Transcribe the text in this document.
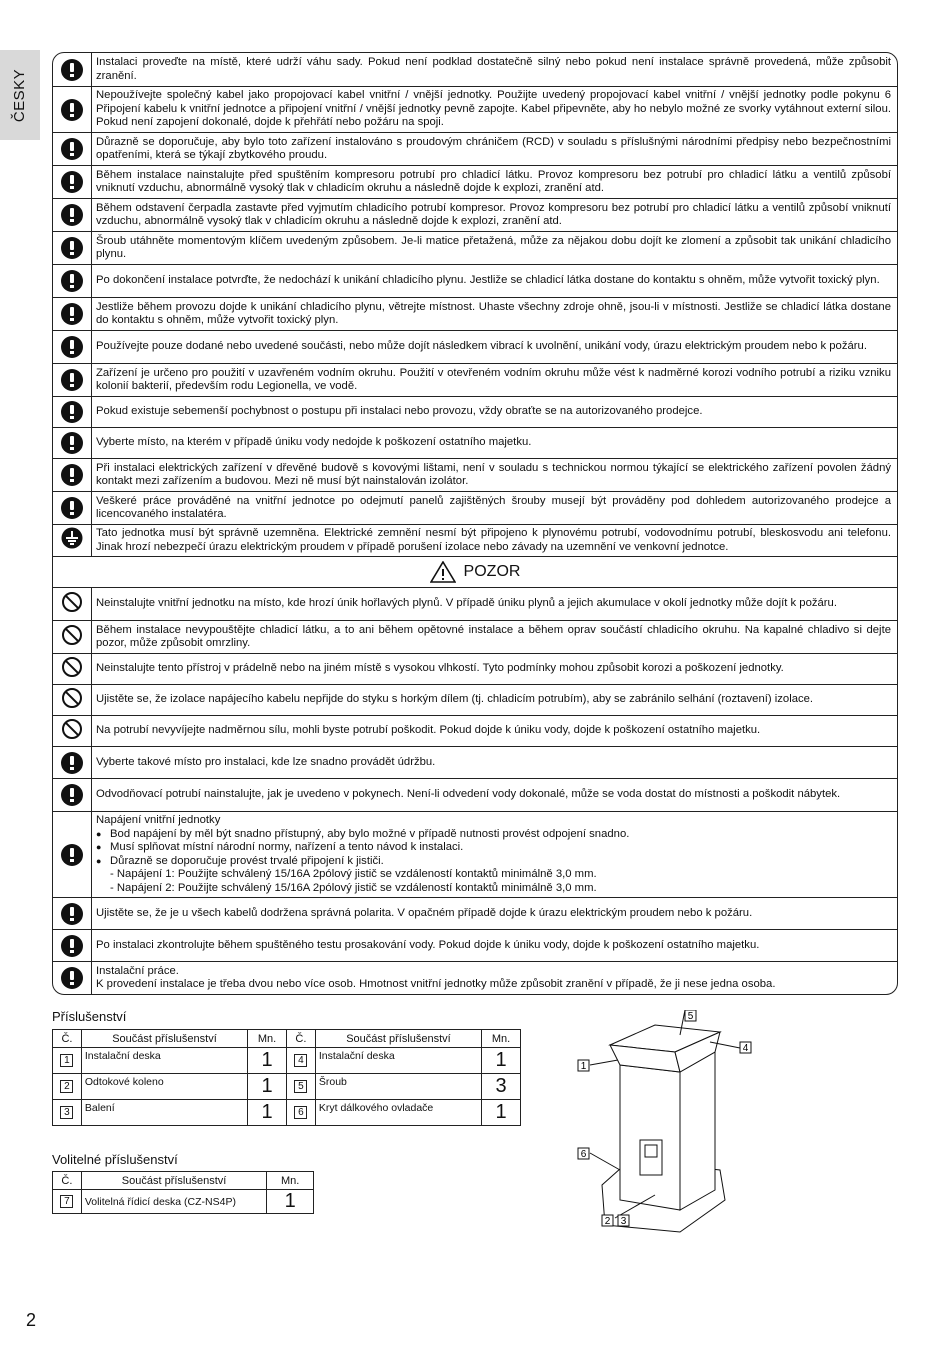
ČESKY
Instalaci proveďte na místě, které udrží váhu sady. Pokud není podklad dostatečně silný nebo pokud není instalace správně provedená, může způsobit zranění.
Nepoužívejte společný kabel jako propojovací kabel vnitřní / vnější jednotky. Použijte uvedený propojovací kabel vnitřní / vnější jednotky podle pokynu 6 Připojení kabelu k vnitřní jednotce a připojení vnitřní / vnější jednotky pevně zapojte. Kabel připevněte, aby ho nebylo možné ze svorky vytáhnout externí silou. Pokud není zapojení dokonalé, dojde k přehřátí nebo požáru na spoji.
Důrazně se doporučuje, aby bylo toto zařízení instalováno s proudovým chráničem (RCD) v souladu s příslušnými národními předpisy nebo bezpečnostními opatřeními, která se týkají zbytkového proudu.
Během instalace nainstalujte před spuštěním kompresoru potrubí pro chladicí látku. Provoz kompresoru bez potrubí pro chladicí látku a ventilů způsobí vniknutí vzduchu, abnormálně vysoký tlak v chladicím okruhu a následně dojde k explozi, zranění atd.
Během odstavení čerpadla zastavte před vyjmutím chladicího potrubí kompresor. Provoz kompresoru bez potrubí pro chladicí látku a ventilů způsobí vniknutí vzduchu, abnormálně vysoký tlak v chladicím okruhu a následně dojde k explozi, zranění atd.
Šroub utáhněte momentovým klíčem uvedeným způsobem. Je-li matice přetažená, může za nějakou dobu dojít ke zlomení a způsobit tak unikání chladicího plynu.
Po dokončení instalace potvrďte, že nedochází k unikání chladicího plynu. Jestliže se chladicí látka dostane do kontaktu s ohněm, může vytvořit toxický plyn.
Jestliže během provozu dojde k unikání chladicího plynu, větrejte místnost. Uhaste všechny zdroje ohně, jsou-li v místnosti. Jestliže se chladicí látka dostane do kontaktu s ohněm, může vytvořit toxický plyn.
Používejte pouze dodané nebo uvedené součásti, nebo může dojít následkem vibrací k uvolnění, unikání vody, úrazu elektrickým proudem nebo k požáru.
Zařízení je určeno pro použití v uzavřeném vodním okruhu. Použití v otevřeném vodním okruhu může vést k nadměrné korozi vodního potrubí a riziku vzniku kolonií bakterií, především rodu Legionella, ve vodě.
Pokud existuje sebemenší pochybnost o postupu při instalaci nebo provozu, vždy obraťte se na autorizovaného prodejce.
Vyberte místo, na kterém v případě úniku vody nedojde k poškození ostatního majetku.
Při instalaci elektrických zařízení v dřevěné budově s kovovými lištami, není v souladu s technickou normou týkající se elektrického zařízení povolen žádný kontakt mezi zařízením a budovou. Mezi ně musí být nainstalován izolátor.
Veškeré práce prováděné na vnitřní jednotce po odejmutí panelů zajištěných šrouby musejí být prováděny pod dohledem autorizovaného prodejce a licencovaného instalatéra.
Tato jednotka musí být správně uzemněna. Elektrické zemnění nesmí být připojeno k plynovému potrubí, vodovodnímu potrubí, bleskosvodu ani telefonu. Jinak hrozí nebezpečí úrazu elektrickým proudem v případě porušení izolace nebo závady na uzemnění ve venkovní jednotce.
POZOR
Neinstalujte vnitřní jednotku na místo, kde hrozí únik hořlavých plynů. V případě úniku plynů a jejich akumulace v okolí jednotky může dojít k požáru.
Během instalace nevypouštějte chladicí látku, a to ani během opětovné instalace a během oprav součástí chladicího okruhu. Na kapalné chladivo si dejte pozor, může způsobit omrzliny.
Neinstalujte tento přístroj v prádelně nebo na jiném místě s vysokou vlhkostí. Tyto podmínky mohou způsobit korozi a poškození jednotky.
Ujistěte se, že izolace napájecího kabelu nepřijde do styku s horkým dílem (tj. chladicím potrubím), aby se zabránilo selhání (roztavení) izolace.
Na potrubí nevyvíjejte nadměrnou sílu, mohli byste potrubí poškodit. Pokud dojde k úniku vody, dojde k poškození ostatního majetku.
Vyberte takové místo pro instalaci, kde lze snadno provádět údržbu.
Odvodňovací potrubí nainstalujte, jak je uvedeno v pokynech. Není-li odvedení vody dokonalé, může se voda dostat do místnosti a poškodit nábytek.
Napájení vnitřní jednotky
● Bod napájení by měl být snadno přístupný, aby bylo možné v případě nutnosti provést odpojení snadno.
● Musí splňovat místní národní normy, nařízení a tento návod k instalaci.
● Důrazně se doporučuje provést trvalé připojení k jističi.
- Napájení 1: Použijte schválený 15/16A 2pólový jistič se vzdáleností kontaktů minimálně 3,0 mm.
- Napájení 2: Použijte schválený 15/16A 2pólový jistič se vzdáleností kontaktů minimálně 3,0 mm.
Ujistěte se, že je u všech kabelů dodržena správná polarita. V opačném případě dojde k úrazu elektrickým proudem nebo k požáru.
Po instalaci zkontrolujte během spuštěného testu prosakování vody. Pokud dojde k úniku vody, dojde k poškození ostatního majetku.
Instalační práce.
K provedení instalace je třeba dvou nebo více osob. Hmotnost vnitřní jednotky může způsobit zranění v případě, že ji nese jedna osoba.
Příslušenství
Č.	Součást příslušenství	Mn.	Č.	Součást příslušenství	Mn.
1	Instalační deska	1	4	Instalační deska	1
2	Odtokové koleno	1	5	Šroub	3
3	Balení	1	6	Kryt dálkového ovladače	1
Volitelné příslušenství
Č.	Součást příslušenství	Mn.
7	Volitelná řídicí deska (CZ-NS4P)	1
5
4
1
6
2 3
2
